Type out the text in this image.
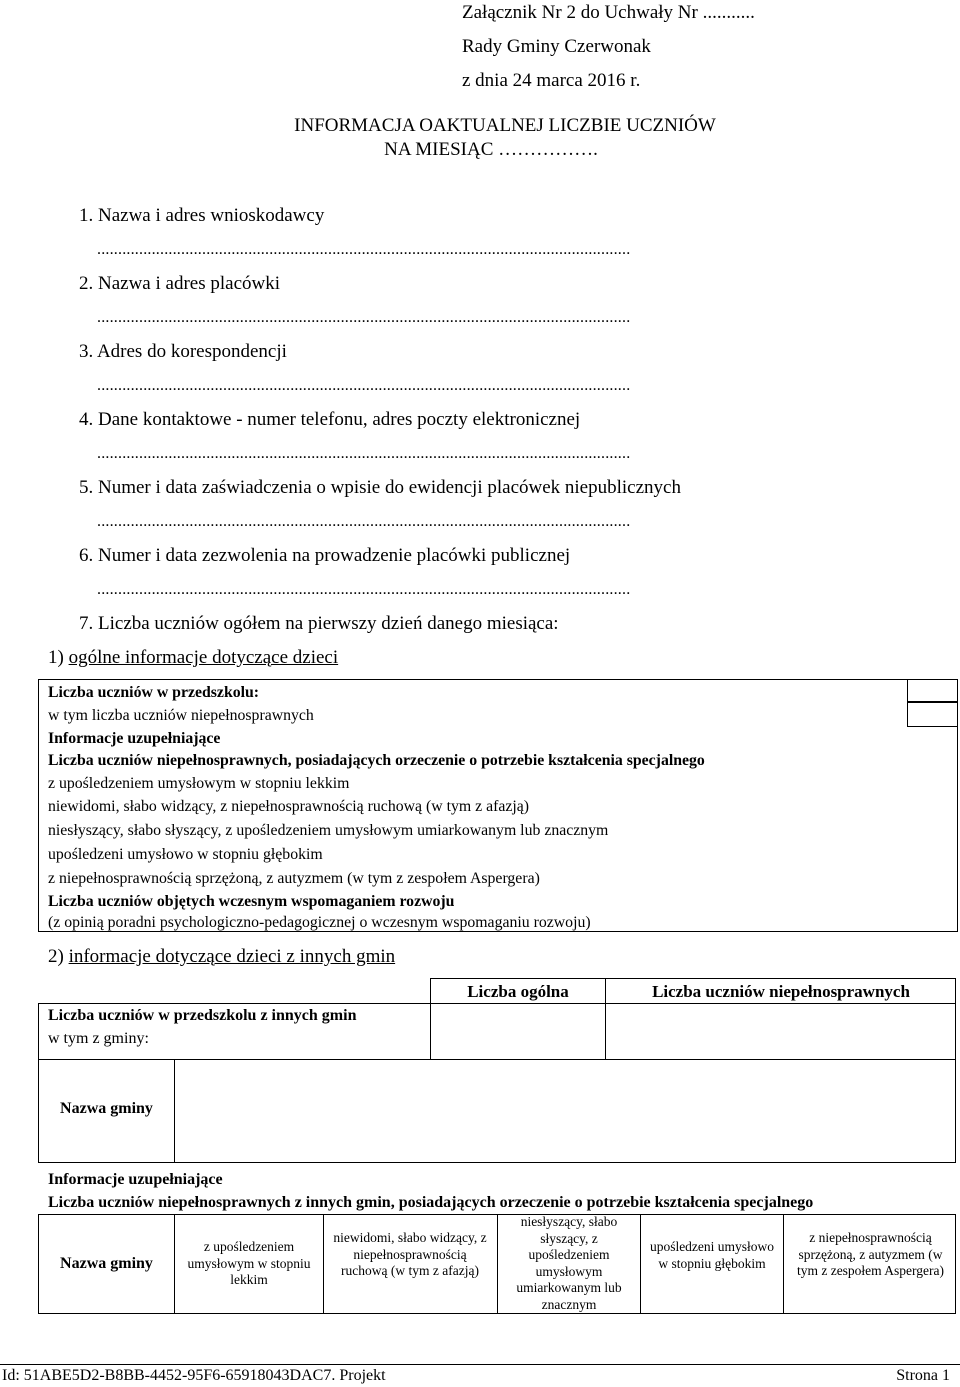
Załącznik Nr 2 do Uchwały Nr ...........
Rady Gminy Czerwonak
z dnia 24 marca 2016 r.
INFORMACJA OAKTUALNEJ LICZBIE UCZNIÓW
NA MIESIĄC …………….
1. Nazwa i adres wnioskodawcy
...............................................................................................................................
2. Nazwa i adres placówki
...............................................................................................................................
3. Adres do korespondencji
...............................................................................................................................
4. Dane kontaktowe - numer telefonu, adres poczty elektronicznej
...............................................................................................................................
5. Numer i data zaświadczenia o wpisie do ewidencji placówek niepublicznych
...............................................................................................................................
6. Numer i data zezwolenia na prowadzenie placówki publicznej
...............................................................................................................................
7. Liczba uczniów ogółem na pierwszy dzień danego miesiąca:
1) ogólne informacje dotyczące dzieci
Liczba uczniów w przedszkolu:
w tym liczba uczniów niepełnosprawnych
Informacje uzupełniające
Liczba uczniów niepełnosprawnych, posiadających orzeczenie o potrzebie kształcenia specjalnego
z upośledzeniem umysłowym w stopniu lekkim
niewidomi, słabo widzący, z niepełnosprawnością ruchową (w tym z afazją)
niesłyszący, słabo słyszący, z upośledzeniem umysłowym umiarkowanym lub znacznym
upośledzeni umysłowo w stopniu głębokim
z niepełnosprawnością sprzężoną, z autyzmem (w tym z zespołem Aspergera)
Liczba uczniów objętych wczesnym wspomaganiem rozwoju
(z opinią poradni psychologiczno-pedagogicznej o wczesnym wspomaganiu rozwoju)
2) informacje dotyczące dzieci z innych gmin
Liczba ogólna	Liczba uczniów niepełnosprawnych
Liczba uczniów w przedszkolu z innych gmin
w tym z gminy:
Nazwa gminy
Informacje uzupełniające
Liczba uczniów niepełnosprawnych z innych gmin, posiadających orzeczenie o potrzebie kształcenia specjalnego
Nazwa gminy
z upośledzeniem umysłowym w stopniu lekkim
niewidomi, słabo widzący, z niepełnosprawnością ruchową (w tym z afazją)
niesłyszący, słabo słyszący, z upośledzeniem umysłowym umiarkowanym lub znacznym
upośledzeni umysłowo w stopniu głębokim
z niepełnosprawnością sprzężoną, z autyzmem (w tym z zespołem Aspergera)
Id: 51ABE5D2-B8BB-4452-95F6-65918043DAC7. Projekt	Strona 1
